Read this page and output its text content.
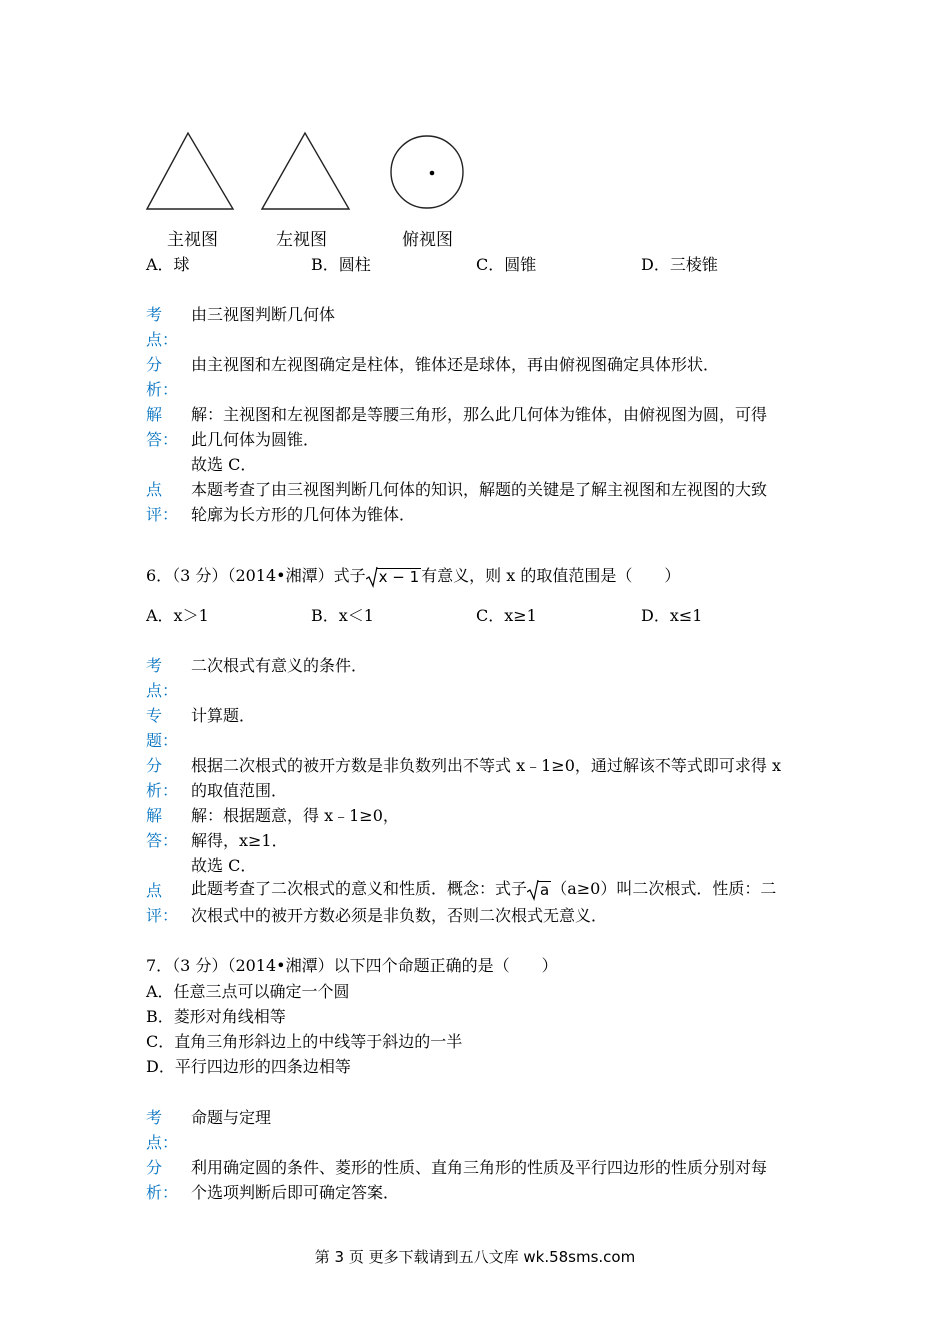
主视图	左视图	俯视图
A．球	B．圆柱	C．圆锥	D．三棱锥
考
点：
由三视图判断几何体
分
析：
由主视图和左视图确定是柱体，锥体还是球体，再由俯视图确定具体形状．
解
答：
解：主视图和左视图都是等腰三角形，那么此几何体为锥体，由俯视图为圆，可得
此几何体为圆锥．
故选 C．
点
评：
本题考查了由三视图判断几何体的知识，解题的关键是了解主视图和左视图的大致
轮廓为长方形的几何体为锥体．
6．（3 分）（2014•湘潭）式子 x − 1 有意义，则 x 的取值范围是（　　）
A．x＞1	B．x＜1	C．x≥1	D．x≤1
考
点：
二次根式有意义的条件．
专
题：
计算题．
分
析：
根据二次根式的被开方数是非负数列出不等式 x﹣1≥0，通过解该不等式即可求得 x
的取值范围．
解
答：
解：根据题意，得 x﹣1≥0，
解得，x≥1．
故选 C．
点
评：
此题考查了二次根式的意义和性质．概念：式子 a （a≥0）叫二次根式．性质：二
次根式中的被开方数必须是非负数，否则二次根式无意义．
7．（3 分）（2014•湘潭）以下四个命题正确的是（　　）
A．任意三点可以确定一个圆
B．菱形对角线相等
C．直角三角形斜边上的中线等于斜边的一半
D．平行四边形的四条边相等
考
点：
命题与定理
分
析：
利用确定圆的条件、菱形的性质、直角三角形的性质及平行四边形的性质分别对每
个选项判断后即可确定答案．
第 3 页 更多下载请到五八文库 wk.58sms.com
